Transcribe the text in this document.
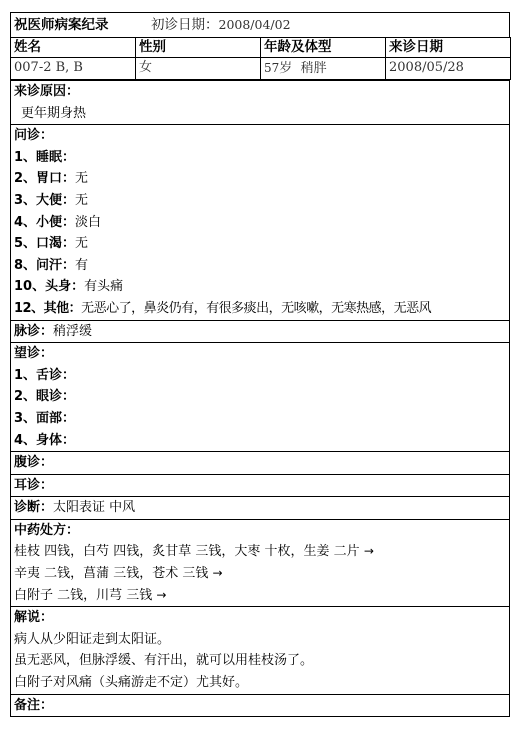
祝医师病案纪录	初诊日期：2008/04/02
姓名	性别	年龄及体型	来诊日期
007-2 B, B	女	57岁 稍胖	2008/05/28
来诊原因：
更年期身热

问诊：
1、睡眠：
2、胃口：无
3、大便：无
4、小便：淡白
5、口渴：无
8、问汗：有
10、头身：有头痛
12、其他：无恶心了，鼻炎仍有，有很多痰出，无咳嗽，无寒热感，无恶风

脉诊：稍浮缓

望诊：
1、舌诊：
2、眼诊：
3、面部：
4、身体：

腹诊：

耳诊：

诊断：太阳表证 中风

中药处方：
桂枝 四钱，白芍 四钱，炙甘草 三钱，大枣 十枚，生姜 二片 →
辛夷 二钱，菖蒲 三钱，苍术 三钱 →
白附子 二钱，川芎 三钱 →

解说：
病人从少阳证走到太阳证。
虽无恶风，但脉浮缓、有汗出，就可以用桂枝汤了。
白附子对风痛（头痛游走不定）尤其好。

备注：
